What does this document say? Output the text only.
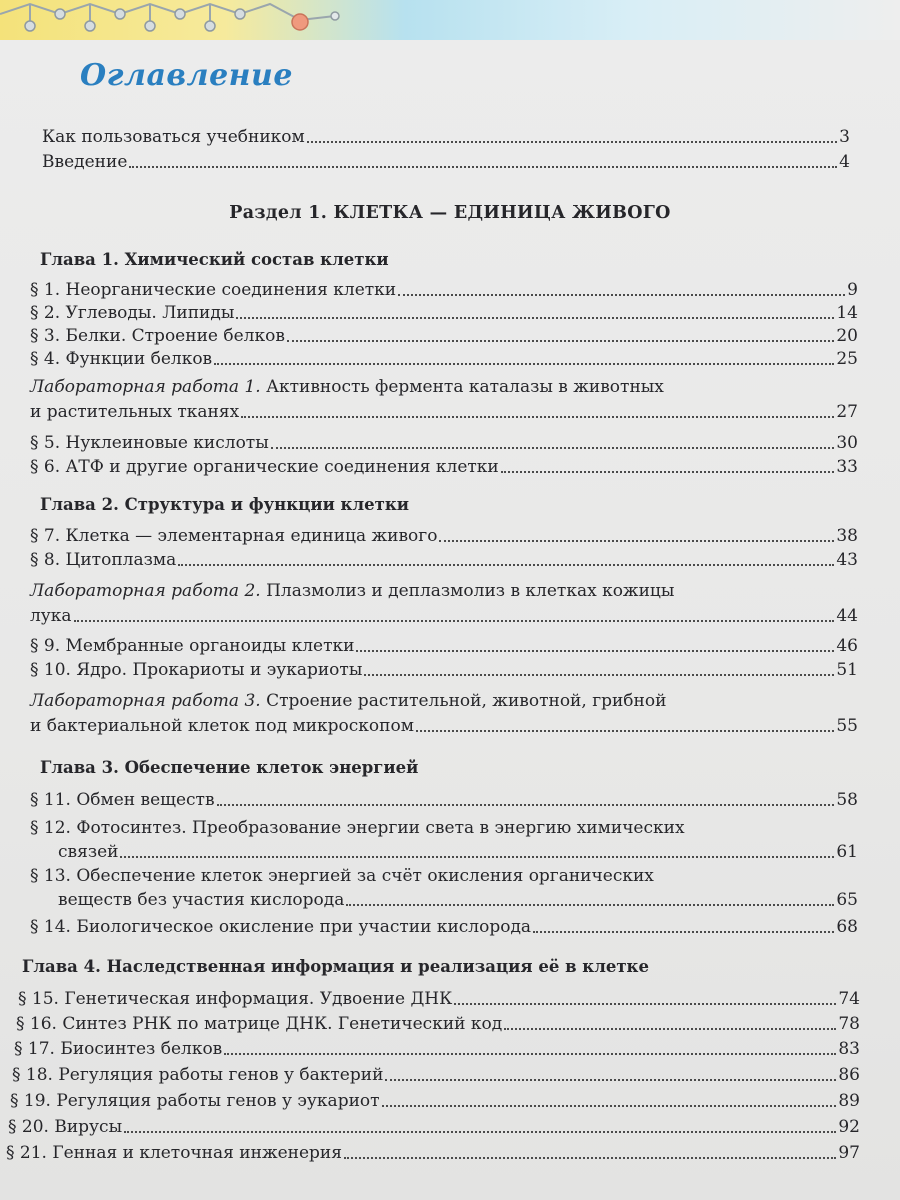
Оглавление
Как пользоваться учебником	3
Введение	4
Раздел 1. КЛЕТКА — ЕДИНИЦА ЖИВОГО
Глава 1. Химический состав клетки
§ 1. Неорганические соединения клетки	9
§ 2. Углеводы. Липиды	14
§ 3. Белки. Строение белков	20
§ 4. Функции белков	25
Лабораторная работа 1. Активность фермента каталазы в животных
и растительных тканях	27
§ 5. Нуклеиновые кислоты	30
§ 6. АТФ и другие органические соединения клетки	33
Глава 2. Структура и функции клетки
§ 7. Клетка — элементарная единица живого	38
§ 8. Цитоплазма	43
Лабораторная работа 2. Плазмолиз и деплазмолиз в клетках кожицы
лука	44
§ 9. Мембранные органоиды клетки	46
§ 10. Ядро. Прокариоты и эукариоты	51
Лабораторная работа 3. Строение растительной, животной, грибной
и бактериальной клеток под микроскопом	55
Глава 3. Обеспечение клеток энергией
§ 11. Обмен веществ	58
§ 12. Фотосинтез. Преобразование энергии света в энергию химических
связей	61
§ 13. Обеспечение клеток энергией за счёт окисления органических
веществ без участия кислорода	65
§ 14. Биологическое окисление при участии кислорода	68
Глава 4. Наследственная информация и реализация её в клетке
§ 15. Генетическая информация. Удвоение ДНК	74
§ 16. Синтез РНК по матрице ДНК. Генетический код	78
§ 17. Биосинтез белков	83
§ 18. Регуляция работы генов у бактерий	86
§ 19. Регуляция работы генов у эукариот	89
§ 20. Вирусы	92
§ 21. Генная и клеточная инженерия	97
